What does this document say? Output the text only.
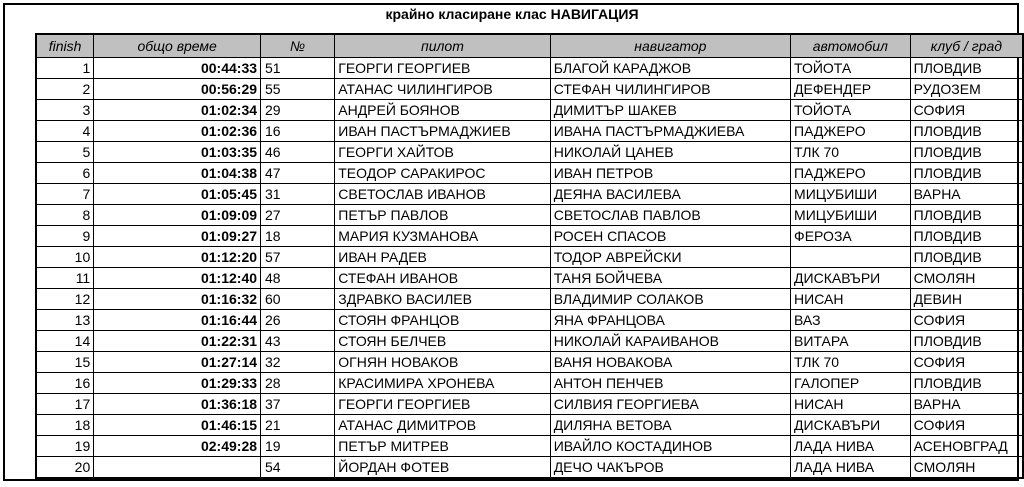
крайно класиране клас НАВИГАЦИЯ
finish	общо време	№	пилот	навигатор	автомобил	клуб / град
1	00:44:33	51	ГЕОРГИ ГЕОРГИЕВ	БЛАГОЙ КАРАДЖОВ	ТОЙОТА	ПЛОВДИВ
2	00:56:29	55	АТАНАС ЧИЛИНГИРОВ	СТЕФАН ЧИЛИНГИРОВ	ДЕФЕНДЕР	РУДОЗЕМ
3	01:02:34	29	АНДРЕЙ БОЯНОВ	ДИМИТЪР ШАКЕВ	ТОЙОТА	СОФИЯ
4	01:02:36	16	ИВАН ПАСТЪРМАДЖИЕВ	ИВАНА ПАСТЪРМАДЖИЕВА	ПАДЖЕРО	ПЛОВДИВ
5	01:03:35	46	ГЕОРГИ ХАЙТОВ	НИКОЛАЙ ЦАНЕВ	ТЛК 70	ПЛОВДИВ
6	01:04:38	47	ТЕОДОР САРАКИРОС	ИВАН ПЕТРОВ	ПАДЖЕРО	ПЛОВДИВ
7	01:05:45	31	СВЕТОСЛАВ ИВАНОВ	ДЕЯНА ВАСИЛЕВА	МИЦУБИШИ	ВАРНА
8	01:09:09	27	ПЕТЪР ПАВЛОВ	СВЕТОСЛАВ ПАВЛОВ	МИЦУБИШИ	ПЛОВДИВ
9	01:09:27	18	МАРИЯ КУЗМАНОВА	РОСЕН СПАСОВ	ФЕРОЗА	ПЛОВДИВ
10	01:12:20	57	ИВАН РАДЕВ	ТОДОР АВРЕЙСКИ		ПЛОВДИВ
11	01:12:40	48	СТЕФАН ИВАНОВ	ТАНЯ БОЙЧЕВА	ДИСКАВЪРИ	СМОЛЯН
12	01:16:32	60	ЗДРАВКО ВАСИЛЕВ	ВЛАДИМИР СОЛАКОВ	НИСАН	ДЕВИН
13	01:16:44	26	СТОЯН ФРАНЦОВ	ЯНА ФРАНЦОВА	ВАЗ	СОФИЯ
14	01:22:31	43	СТОЯН БЕЛЧЕВ	НИКОЛАЙ КАРАИВАНОВ	ВИТАРА	ПЛОВДИВ
15	01:27:14	32	ОГНЯН НОВАКОВ	ВАНЯ НОВАКОВА	ТЛК 70	СОФИЯ
16	01:29:33	28	КРАСИМИРА ХРОНЕВА	АНТОН ПЕНЧЕВ	ГАЛОПЕР	ПЛОВДИВ
17	01:36:18	37	ГЕОРГИ ГЕОРГИЕВ	СИЛВИЯ ГЕОРГИЕВА	НИСАН	ВАРНА
18	01:46:15	21	АТАНАС ДИМИТРОВ	ДИЛЯНА ВЕТОВА	ДИСКАВЪРИ	СОФИЯ
19	02:49:28	19	ПЕТЪР МИТРЕВ	ИВАЙЛО КОСТАДИНОВ	ЛАДА НИВА	АСЕНОВГРАД
20		54	ЙОРДАН ФОТЕВ	ДЕЧО ЧАКЪРОВ	ЛАДА НИВА	СМОЛЯН
